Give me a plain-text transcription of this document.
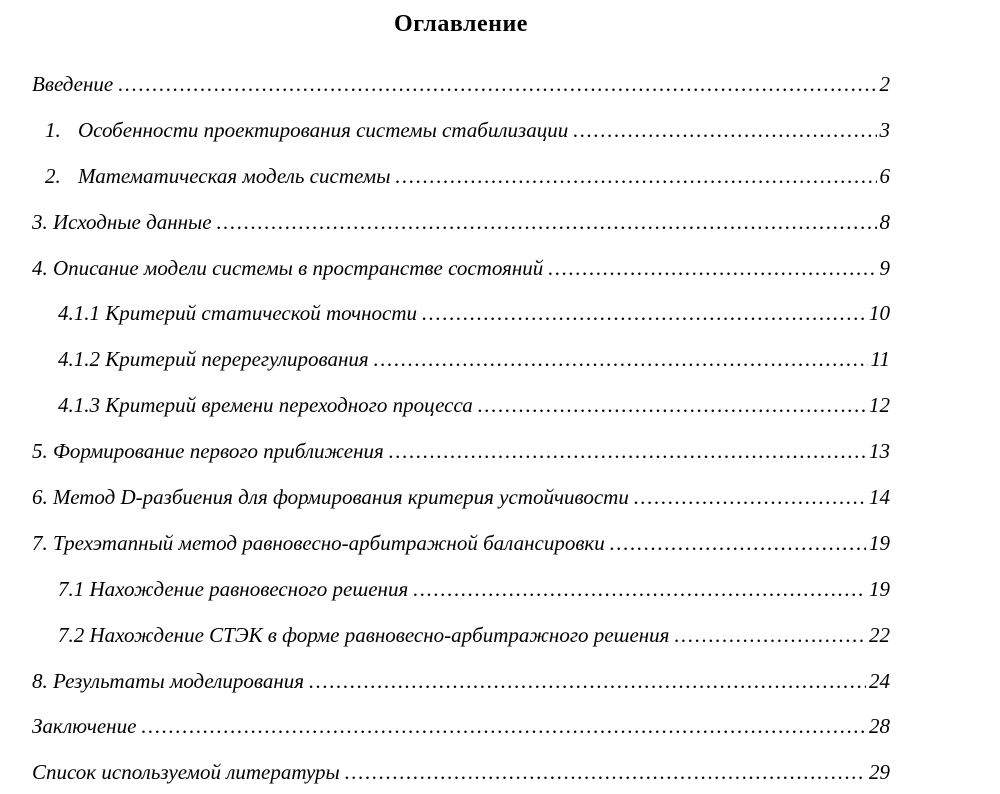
Оглавление
Введение .....	2
1. Особенности проектирования системы стабилизации .....	3
2. Математическая модель системы .....	6
3. Исходные данные .....	8
4. Описание модели системы в пространстве состояний .....	9
4.1.1 Критерий статической точности .....	10
4.1.2 Критерий перерегулирования .....	11
4.1.3 Критерий времени переходного процесса .....	12
5. Формирование первого приближения .....	13
6. Метод D-разбиения для формирования критерия устойчивости .....	14
7. Трехэтапный метод равновесно-арбитражной балансировки .....	19
7.1 Нахождение равновесного решения .....	19
7.2 Нахождение СТЭК в форме равновесно-арбитражного решения .....	22
8. Результаты моделирования .....	24
Заключение .....	28
Список используемой литературы .....	29
